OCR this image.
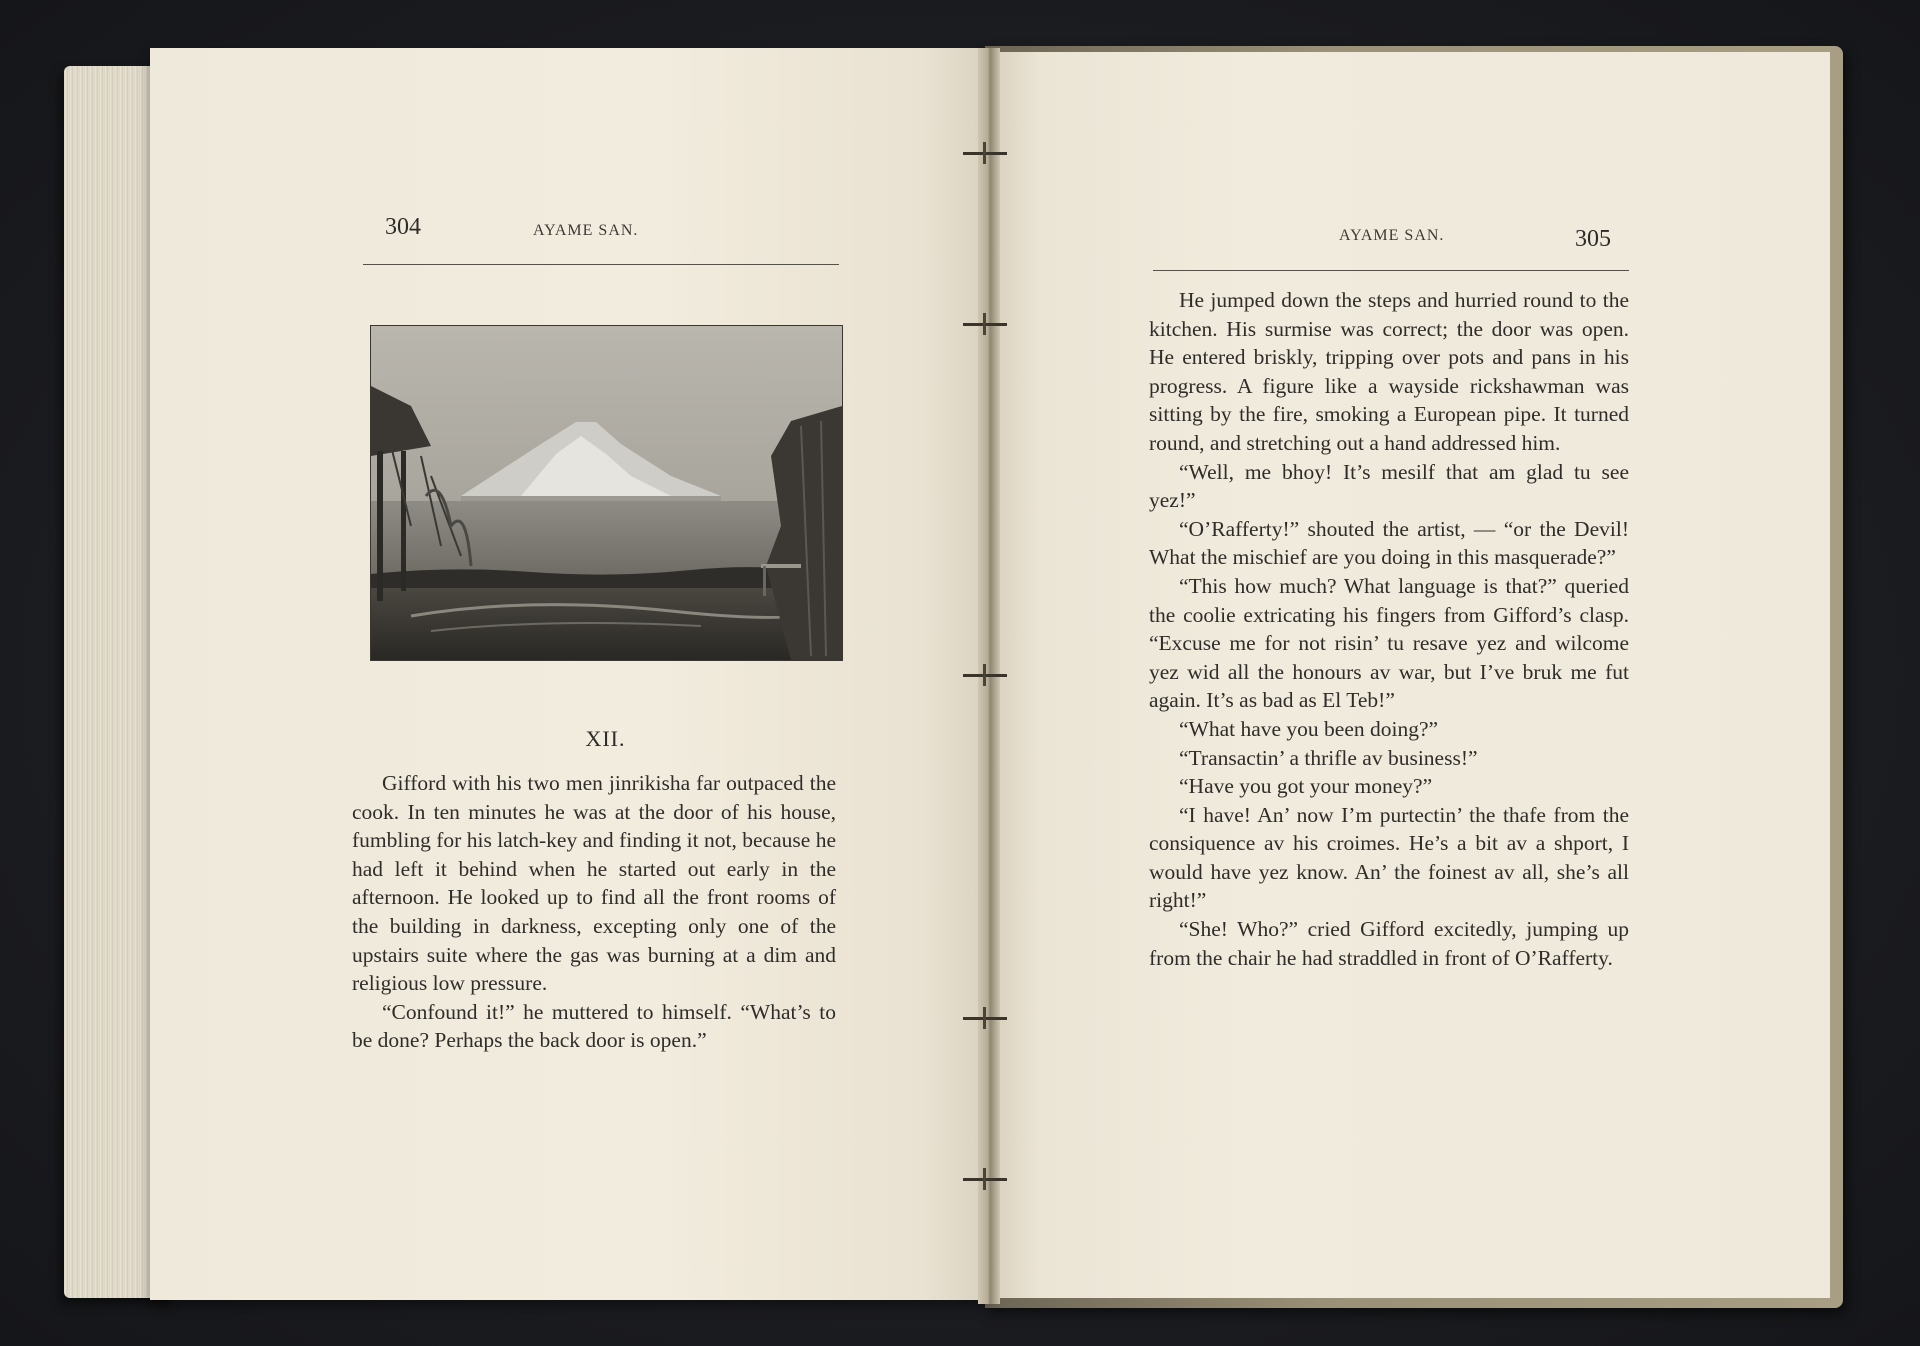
304	AYAME SAN.
XII.

Gifford with his two men jinrikisha far outpaced the cook. In ten minutes he was at the door of his house, fumbling for his latch-key and finding it not, because he had left it behind when he started out early in the afternoon. He looked up to find all the front rooms of the building in darkness, excepting only one of the upstairs suite where the gas was burning at a dim and religious low pressure.

“Confound it!” he muttered to himself. “What’s to be done? Perhaps the back door is open.”

AYAME SAN.	305

He jumped down the steps and hurried round to the kitchen. His surmise was correct; the door was open. He entered briskly, tripping over pots and pans in his progress. A figure like a wayside rickshawman was sitting by the fire, smoking a European pipe. It turned round, and stretching out a hand addressed him.

“Well, me bhoy! It’s mesilf that am glad tu see yez!”

“O’Rafferty!” shouted the artist, — “or the Devil! What the mischief are you doing in this masquerade?”

“This how much? What language is that?” queried the coolie extricating his fingers from Gifford’s clasp. “Excuse me for not risin’ tu resave yez and wilcome yez wid all the honours av war, but I’ve bruk me fut again. It’s as bad as El Teb!”

“What have you been doing?”

“Transactin’ a thrifle av business!”

“Have you got your money?”

“I have! An’ now I’m purtectin’ the thafe from the consiquence av his croimes. He’s a bit av a shport, I would have yez know. An’ the foinest av all, she’s all right!”

“She! Who?” cried Gifford excitedly, jumping up from the chair he had straddled in front of O’Rafferty.
